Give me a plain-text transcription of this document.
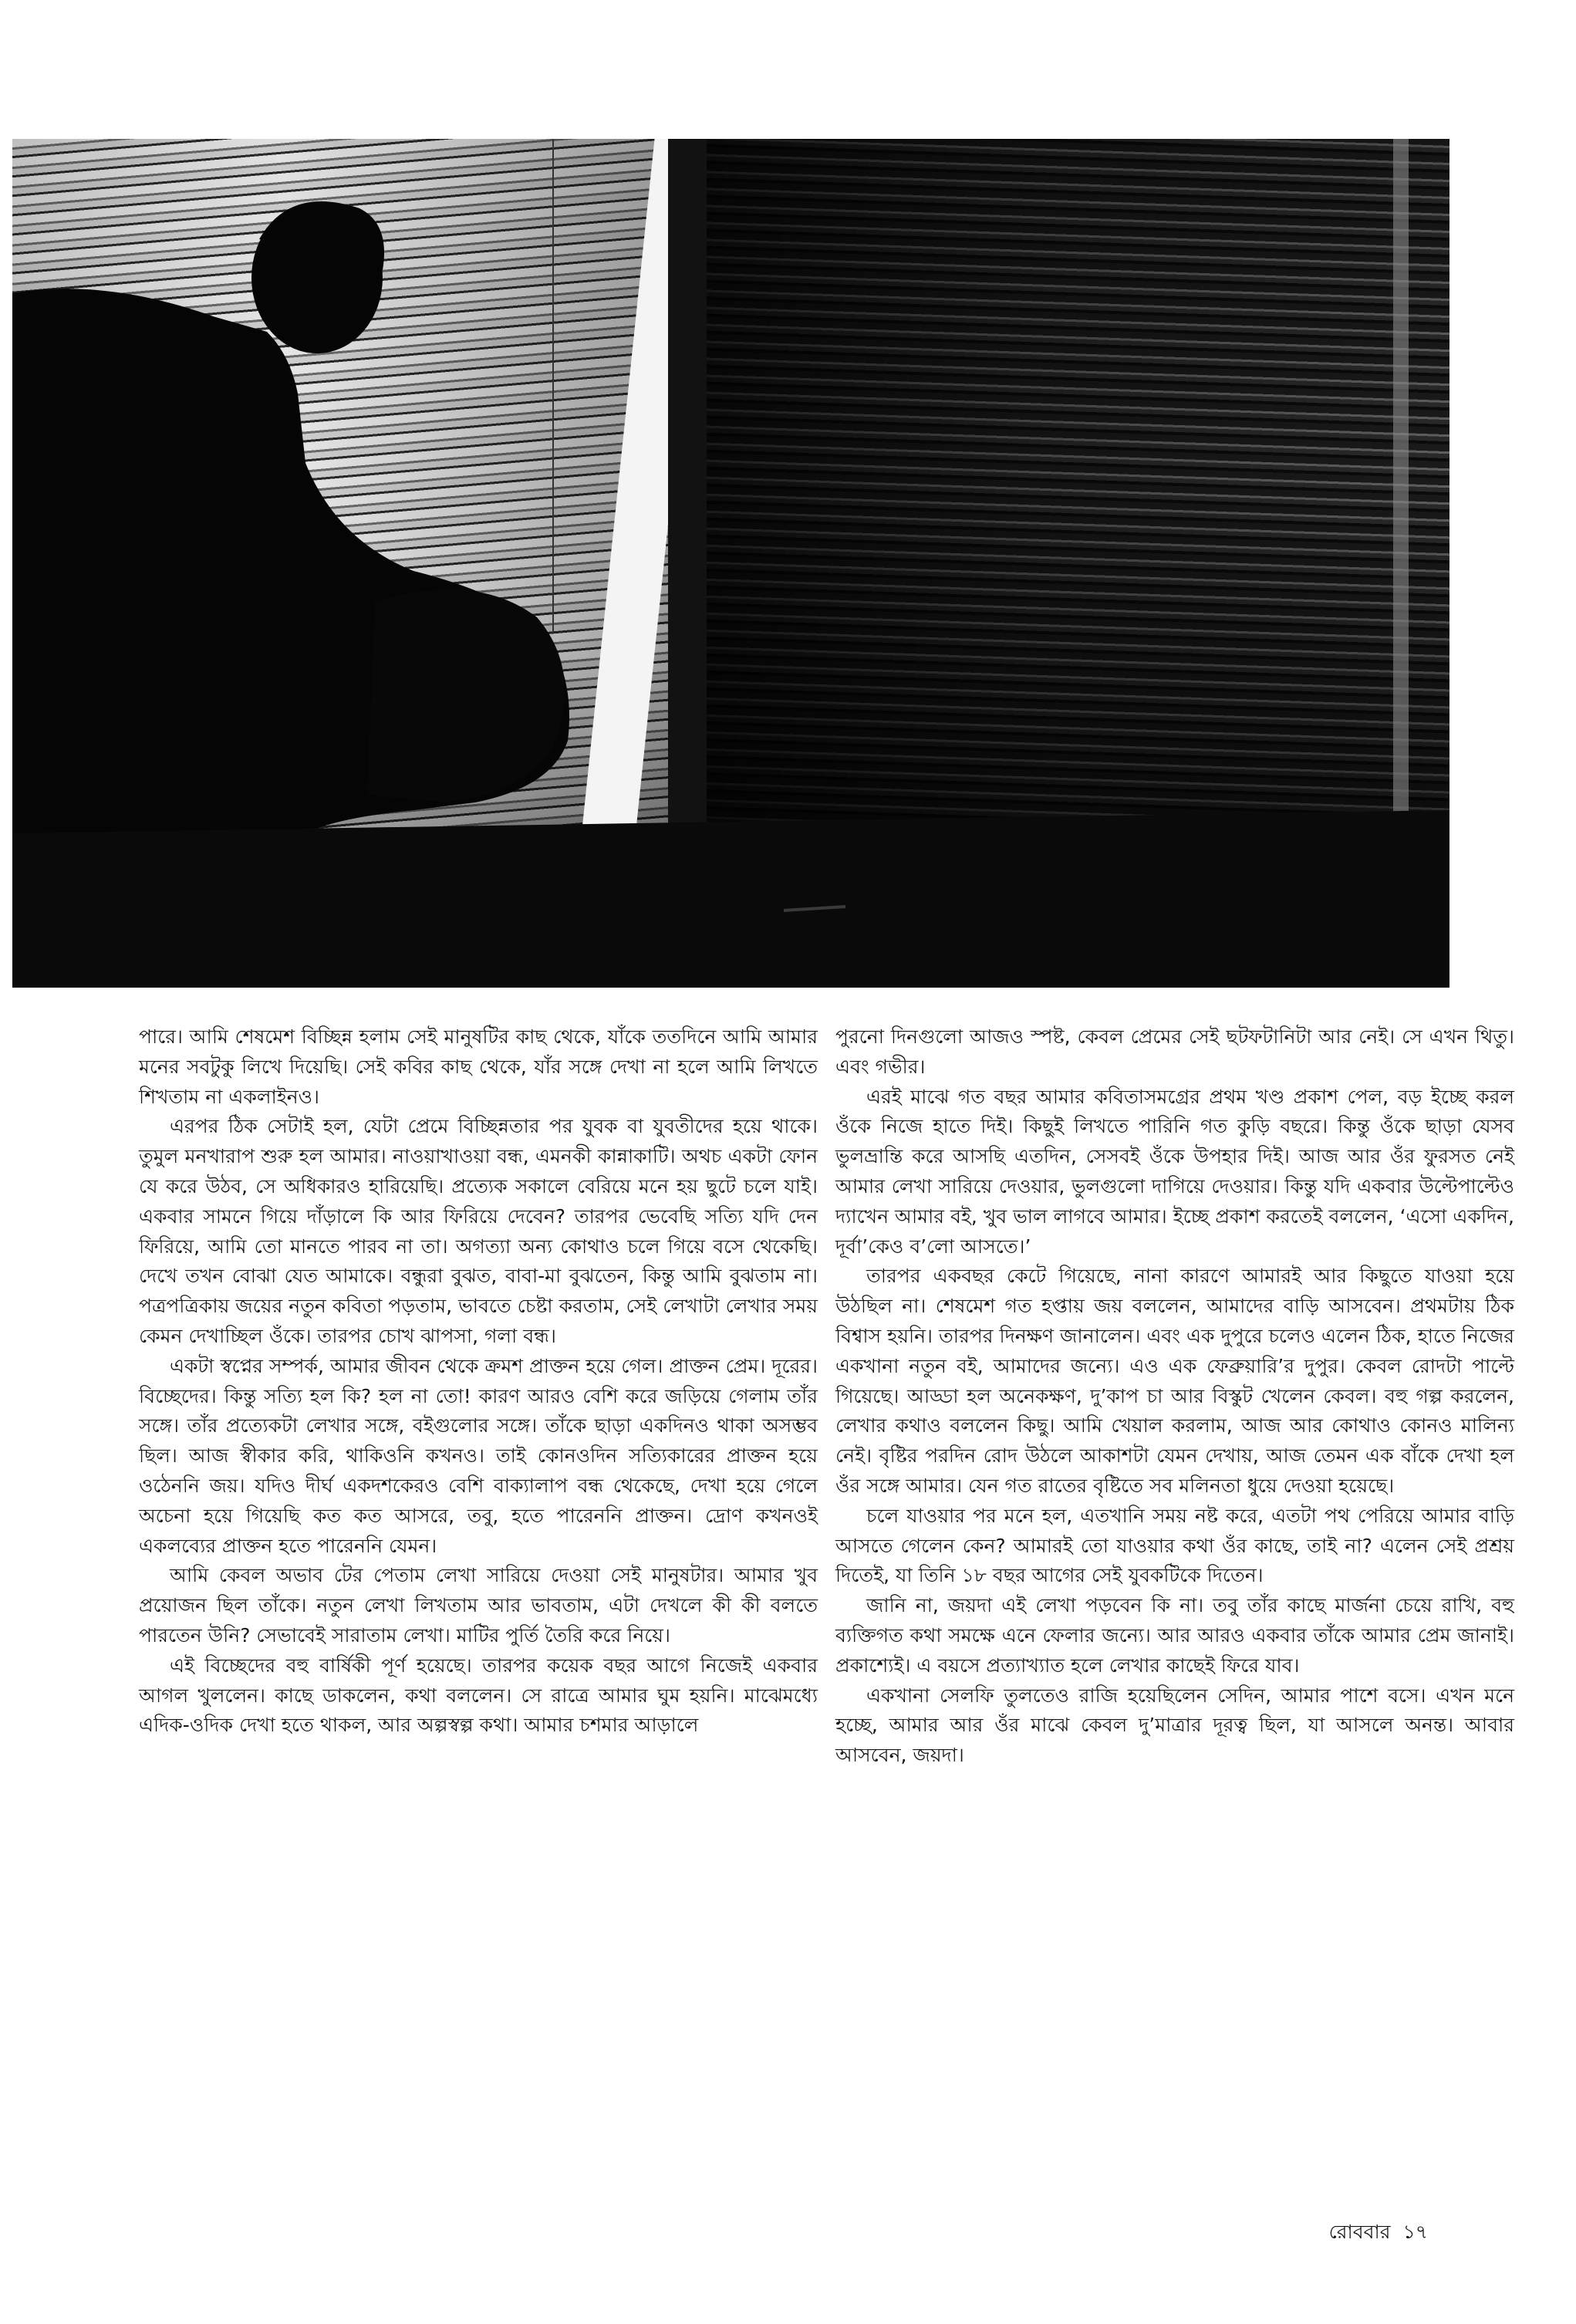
পারে। আমি শেষমেশ বিচ্ছিন্ন হলাম সেই মানুষটির কাছ থেকে, যাঁকে ততদিনে আমি আমার মনের সবটুকু লিখে দিয়েছি। সেই কবির কাছ থেকে, যাঁর সঙ্গে দেখা না হলে আমি লিখতে শিখতাম না একলাইনও।

এরপর ঠিক সেটাই হল, যেটা প্রেমে বিচ্ছিন্নতার পর যুবক বা যুবতীদের হয়ে থাকে। তুমুল মনখারাপ শুরু হল আমার। নাওয়াখাওয়া বন্ধ, এমনকী কান্নাকাটি। অথচ একটা ফোন যে করে উঠব, সে অধিকারও হারিয়েছি। প্রত্যেক সকালে বেরিয়ে মনে হয় ছুটে চলে যাই। একবার সামনে গিয়ে দাঁড়ালে কি আর ফিরিয়ে দেবেন? তারপর ভেবেছি সত্যি যদি দেন ফিরিয়ে, আমি তো মানতে পারব না তা। অগত্যা অন্য কোথাও চলে গিয়ে বসে থেকেছি। দেখে তখন বোঝা যেত আমাকে। বন্ধুরা বুঝত, বাবা-মা বুঝতেন, কিন্তু আমি বুঝতাম না। পত্রপত্রিকায় জয়ের নতুন কবিতা পড়তাম, ভাবতে চেষ্টা করতাম, সেই লেখাটা লেখার সময় কেমন দেখাচ্ছিল ওঁকে। তারপর চোখ ঝাপসা, গলা বন্ধ।

একটা স্বপ্নের সম্পর্ক, আমার জীবন থেকে ক্রমশ প্রাক্তন হয়ে গেল। প্রাক্তন প্রেম। দূরের। বিচ্ছেদের। কিন্তু সত্যি হল কি? হল না তো! কারণ আরও বেশি করে জড়িয়ে গেলাম তাঁর সঙ্গে। তাঁর প্রত্যেকটা লেখার সঙ্গে, বইগুলোর সঙ্গে। তাঁকে ছাড়া একদিনও থাকা অসম্ভব ছিল। আজ স্বীকার করি, থাকিওনি কখনও। তাই কোনওদিন সত্যিকারের প্রাক্তন হয়ে ওঠেননি জয়। যদিও দীর্ঘ একদশকেরও বেশি বাক্যালাপ বন্ধ থেকেছে, দেখা হয়ে গেলে অচেনা হয়ে গিয়েছি কত কত আসরে, তবু, হতে পারেননি প্রাক্তন। দ্রোণ কখনওই একলব্যের প্রাক্তন হতে পারেননি যেমন।

আমি কেবল অভাব টের পেতাম লেখা সারিয়ে দেওয়া সেই মানুষটার। আমার খুব প্রয়োজন ছিল তাঁকে। নতুন লেখা লিখতাম আর ভাবতাম, এটা দেখলে কী কী বলতে পারতেন উনি? সেভাবেই সারাতাম লেখা। মাটির পুর্তি তৈরি করে নিয়ে।

এই বিচ্ছেদের বহু বার্ষিকী পূর্ণ হয়েছে। তারপর কয়েক বছর আগে নিজেই একবার আগল খুললেন। কাছে ডাকলেন, কথা বললেন। সে রাত্রে আমার ঘুম হয়নি। মাঝেমধ্যে এদিক-ওদিক দেখা হতে থাকল, আর অল্পস্বল্প কথা। আমার চশমার আড়ালে

পুরনো দিনগুলো আজও স্পষ্ট, কেবল প্রেমের সেই ছটফটানিটা আর নেই। সে এখন থিতু। এবং গভীর।

এরই মাঝে গত বছর আমার কবিতাসমগ্রের প্রথম খণ্ড প্রকাশ পেল, বড় ইচ্ছে করল ওঁকে নিজে হাতে দিই। কিছুই লিখতে পারিনি গত কুড়ি বছরে। কিন্তু ওঁকে ছাড়া যেসব ভুলভ্রান্তি করে আসছি এতদিন, সেসবই ওঁকে উপহার দিই। আজ আর ওঁর ফুরসত নেই আমার লেখা সারিয়ে দেওয়ার, ভুলগুলো দাগিয়ে দেওয়ার। কিন্তু যদি একবার উল্টেপাল্টেও দ্যাখেন আমার বই, খুব ভাল লাগবে আমার। ইচ্ছে প্রকাশ করতেই বললেন, ‘এসো একদিন, দূর্বা’কেও ব’লো আসতে।’

তারপর একবছর কেটে গিয়েছে, নানা কারণে আমারই আর কিছুতে যাওয়া হয়ে উঠছিল না। শেষমেশ গত হপ্তায় জয় বললেন, আমাদের বাড়ি আসবেন। প্রথমটায় ঠিক বিশ্বাস হয়নি। তারপর দিনক্ষণ জানালেন। এবং এক দুপুরে চলেও এলেন ঠিক, হাতে নিজের একখানা নতুন বই, আমাদের জন্যে। এও এক ফেব্রুয়ারি’র দুপুর। কেবল রোদটা পাল্টে গিয়েছে। আড্ডা হল অনেকক্ষণ, দু’কাপ চা আর বিস্কুট খেলেন কেবল। বহু গল্প করলেন, লেখার কথাও বললেন কিছু। আমি খেয়াল করলাম, আজ আর কোথাও কোনও মালিন্য নেই। বৃষ্টির পরদিন রোদ উঠলে আকাশটা যেমন দেখায়, আজ তেমন এক বাঁকে দেখা হল ওঁর সঙ্গে আমার। যেন গত রাতের বৃষ্টিতে সব মলিনতা ধুয়ে দেওয়া হয়েছে।

চলে যাওয়ার পর মনে হল, এতখানি সময় নষ্ট করে, এতটা পথ পেরিয়ে আমার বাড়ি আসতে গেলেন কেন? আমারই তো যাওয়ার কথা ওঁর কাছে, তাই না? এলেন সেই প্রশ্রয় দিতেই, যা তিনি ১৮ বছর আগের সেই যুবকটিকে দিতেন।

জানি না, জয়দা এই লেখা পড়বেন কি না। তবু তাঁর কাছে মার্জনা চেয়ে রাখি, বহু ব্যক্তিগত কথা সমক্ষে এনে ফেলার জন্যে। আর আরও একবার তাঁকে আমার প্রেম জানাই। প্রকাশ্যেই। এ বয়সে প্রত্যাখ্যাত হলে লেখার কাছেই ফিরে যাব।

একখানা সেলফি তুলতেও রাজি হয়েছিলেন সেদিন, আমার পাশে বসে। এখন মনে হচ্ছে, আমার আর ওঁর মাঝে কেবল দু’মাত্রার দূরত্ব ছিল, যা আসলে অনন্ত। আবার আসবেন, জয়দা।

রোববার ১৭
